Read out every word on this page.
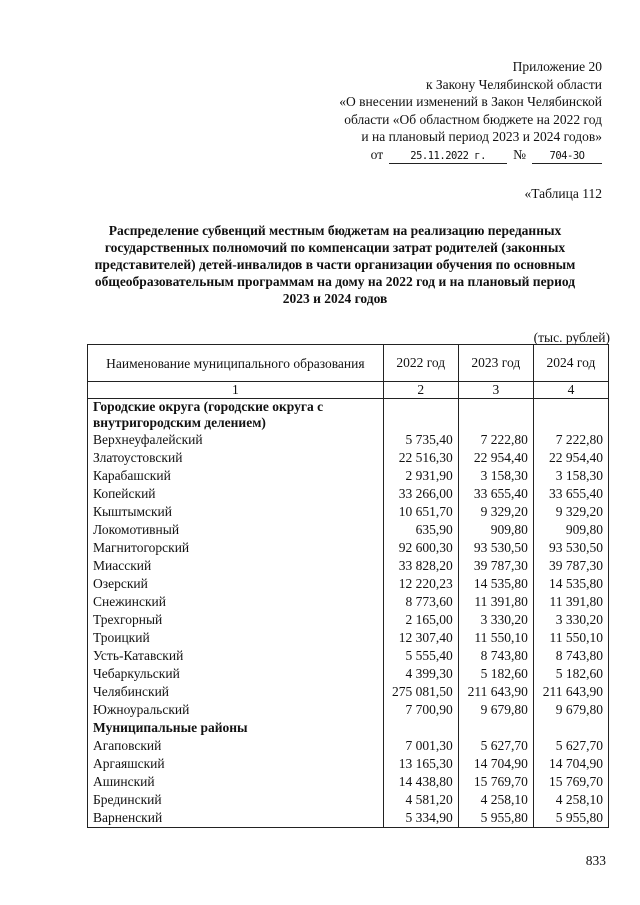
Приложение 20
к Закону Челябинской области
«О внесении изменений в Закон Челябинской
области «Об областном бюджете на 2022 год
и на плановый период 2023 и 2024 годов»
от	25.11.2022 г.	№	704-ЗО
«Таблица 112
Распределение субвенций местным бюджетам на реализацию переданных государственных полномочий по компенсации затрат родителей (законных представителей) детей-инвалидов в части организации обучения по основным общеобразовательным программам на дому на 2022 год и на плановый период 2023 и 2024 годов
(тыс. рублей)
Наименование муниципального образования	2022 год	2023 год	2024 год
1	2	3	4
Городские округа (городские округа с внутригородским делением)			
Верхнеуфалейский	5 735,40	7 222,80	7 222,80
Златоустовский	22 516,30	22 954,40	22 954,40
Карабашский	2 931,90	3 158,30	3 158,30
Копейский	33 266,00	33 655,40	33 655,40
Кыштымский	10 651,70	9 329,20	9 329,20
Локомотивный	635,90	909,80	909,80
Магнитогорский	92 600,30	93 530,50	93 530,50
Миасский	33 828,20	39 787,30	39 787,30
Озерский	12 220,23	14 535,80	14 535,80
Снежинский	8 773,60	11 391,80	11 391,80
Трехгорный	2 165,00	3 330,20	3 330,20
Троицкий	12 307,40	11 550,10	11 550,10
Усть-Катавский	5 555,40	8 743,80	8 743,80
Чебаркульский	4 399,30	5 182,60	5 182,60
Челябинский	275 081,50	211 643,90	211 643,90
Южноуральский	7 700,90	9 679,80	9 679,80
Муниципальные районы			
Агаповский	7 001,30	5 627,70	5 627,70
Аргаяшский	13 165,30	14 704,90	14 704,90
Ашинский	14 438,80	15 769,70	15 769,70
Брединский	4 581,20	4 258,10	4 258,10
Варненский	5 334,90	5 955,80	5 955,80
833
